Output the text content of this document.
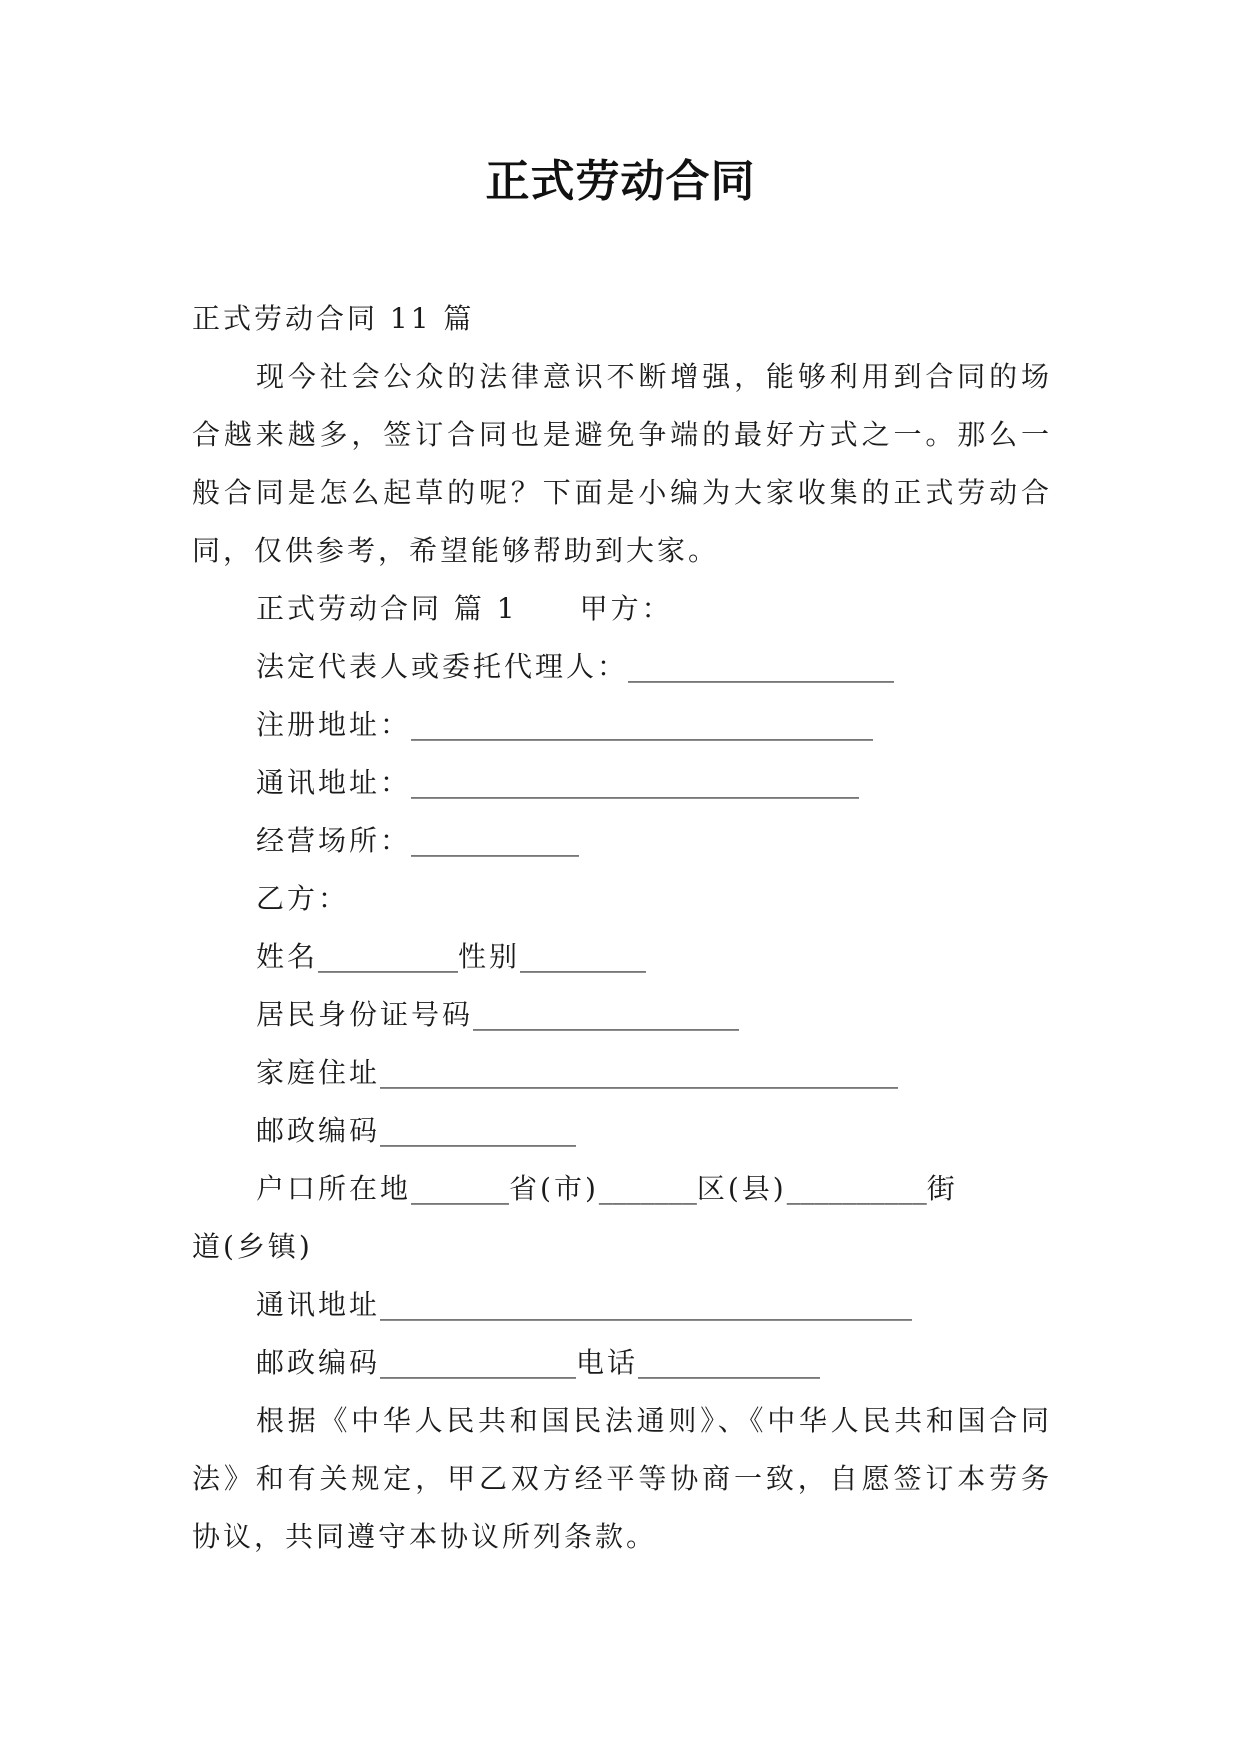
正式劳动合同
正式劳动合同 11 篇
现今社会公众的法律意识不断增强，能够利用到合同的场合越来越多，签订合同也是避免争端的最好方式之一。那么一般合同是怎么起草的呢？下面是小编为大家收集的正式劳动合同，仅供参考，希望能够帮助到大家。
正式劳动合同 篇 1 甲方：
法定代表人或委托代理人：___________________
注册地址：_________________________________
通讯地址：________________________________
经营场所：____________
乙方：
姓名__________性别_________
居民身份证号码___________________
家庭住址_____________________________________
邮政编码______________
户口所在地_______省(市)_______区(县)__________街
道(乡镇)
通讯地址______________________________________
邮政编码______________电话_____________
根据《中华人民共和国民法通则》、《中华人民共和国合同法》和有关规定，甲乙双方经平等协商一致，自愿签订本劳务协议，共同遵守本协议所列条款。
